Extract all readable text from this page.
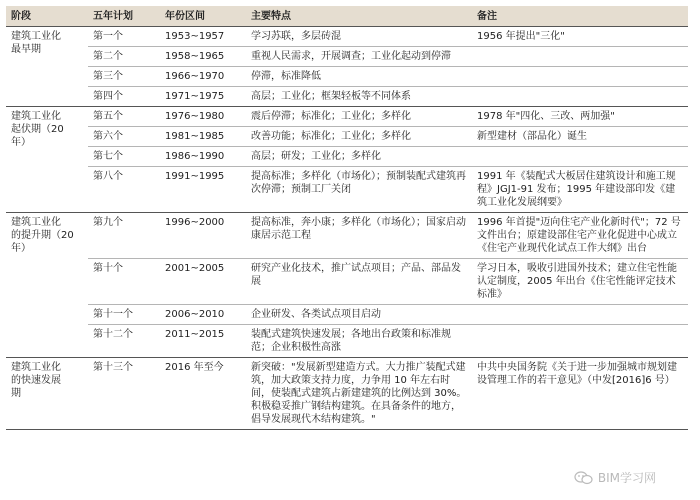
阶段	五年计划	年份区间	主要特点	备注
建筑工业化
最早期	第一个	1953~1957	学习苏联，多层砖混	1956 年提出"三化"
	第二个	1958~1965	重视人民需求，开展调查；工业化起动到停滞	
	第三个	1966~1970	停滞，标准降低	
	第四个	1971~1975	高层；工业化；框架轻板等不同体系	
建筑工业化
起伏期（20
年）	第五个	1976~1980	震后停滞；标准化；工业化；多样化	1978 年"四化、三改、两加强"
	第六个	1981~1985	改善功能；标准化；工业化；多样化	新型建材（部品化）诞生
	第七个	1986~1990	高层；研发；工业化；多样化	
	第八个	1991~1995	提高标准；多样化（市场化）；预制装配式建筑再次停滞；预制工厂关闭	1991 年《装配式大板居住建筑设计和施工规程》JGJ1-91 发布；1995 年建设部印发《建筑工业化发展纲要》
建筑工业化
的提升期（20
年）	第九个	1996~2000	提高标准，奔小康；多样化（市场化）；国家启动康居示范工程	1996 年首提"迈向住宅产业化新时代"；72 号文件出台；原建设部住宅产业化促进中心成立《住宅产业现代化试点工作大纲》出台
	第十个	2001~2005	研究产业化技术，推广试点项目；产品、部品发展	学习日本，吸收引进国外技术；建立住宅性能认定制度，2005 年出台《住宅性能评定技术标准》
	第十一个	2006~2010	企业研发、各类试点项目启动	
	第十二个	2011~2015	装配式建筑快速发展；各地出台政策和标准规范；企业积极性高涨	
建筑工业化
的快速发展
期	第十三个	2016 年至今	新突破："发展新型建造方式。大力推广装配式建筑，加大政策支持力度，力争用 10 年左右时间，使装配式建筑占新建建筑的比例达到 30%。积极稳妥推广钢结构建筑。在具备条件的地方，倡导发展现代木结构建筑。"	中共中央国务院《关于进一步加强城市规划建设管理工作的若干意见》（中发[2016]6 号）
BIM学习网
